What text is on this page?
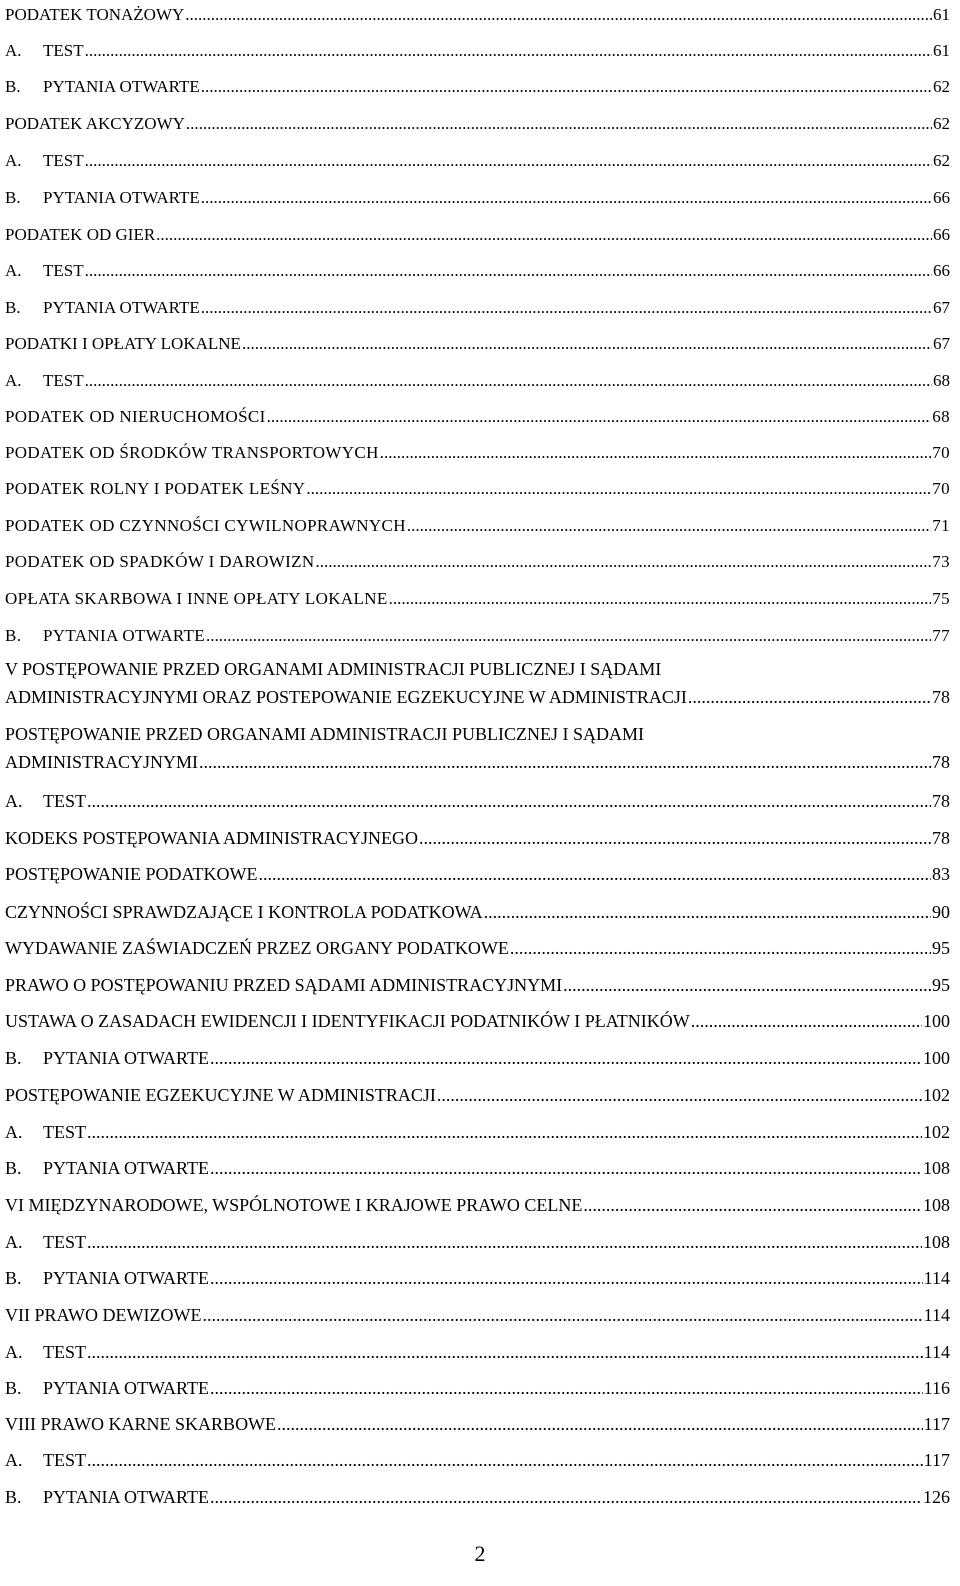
PODATEK TONAŻOWY .....	61
A. TEST .....	61
B. PYTANIA OTWARTE .....	62
PODATEK AKCYZOWY .....	62
A. TEST .....	62
B. PYTANIA OTWARTE .....	66
PODATEK OD GIER .....	66
A. TEST .....	66
B. PYTANIA OTWARTE .....	67
PODATKI I OPŁATY LOKALNE .....	67
A. TEST .....	68
PODATEK OD NIERUCHOMOŚCI .....	68
PODATEK OD ŚRODKÓW TRANSPORTOWYCH .....	70
PODATEK ROLNY I PODATEK LEŚNY .....	70
PODATEK OD CZYNNOŚCI CYWILNOPRAWNYCH .....	71
PODATEK OD SPADKÓW I DAROWIZN .....	73
OPŁATA SKARBOWA I INNE OPŁATY LOKALNE .....	75
B. PYTANIA OTWARTE .....	77
V POSTĘPOWANIE PRZED ORGANAMI ADMINISTRACJI PUBLICZNEJ I SĄDAMI
ADMINISTRACYJNYMI ORAZ POSTEPOWANIE EGZEKUCYJNE W ADMINISTRACJI .....	78
POSTĘPOWANIE PRZED ORGANAMI ADMINISTRACJI PUBLICZNEJ I SĄDAMI
ADMINISTRACYJNYMI .....	78
A. TEST .....	78
KODEKS POSTĘPOWANIA ADMINISTRACYJNEGO .....	78
POSTĘPOWANIE PODATKOWE .....	83
CZYNNOŚCI SPRAWDZAJĄCE I KONTROLA PODATKOWA .....	90
WYDAWANIE ZAŚWIADCZEŃ PRZEZ ORGANY PODATKOWE .....	95
PRAWO O POSTĘPOWANIU PRZED SĄDAMI ADMINISTRACYJNYMI .....	95
USTAWA O ZASADACH EWIDENCJI I IDENTYFIKACJI PODATNIKÓW I PŁATNIKÓW .....	100
B. PYTANIA OTWARTE .....	100
POSTĘPOWANIE EGZEKUCYJNE W ADMINISTRACJI .....	102
A. TEST .....	102
B. PYTANIA OTWARTE .....	108
VI MIĘDZYNARODOWE, WSPÓLNOTOWE I KRAJOWE PRAWO CELNE .....	108
A. TEST .....	108
B. PYTANIA OTWARTE .....	114
VII PRAWO DEWIZOWE .....	114
A. TEST .....	114
B. PYTANIA OTWARTE .....	116
VIII PRAWO KARNE SKARBOWE .....	117
A. TEST .....	117
B. PYTANIA OTWARTE .....	126
2
